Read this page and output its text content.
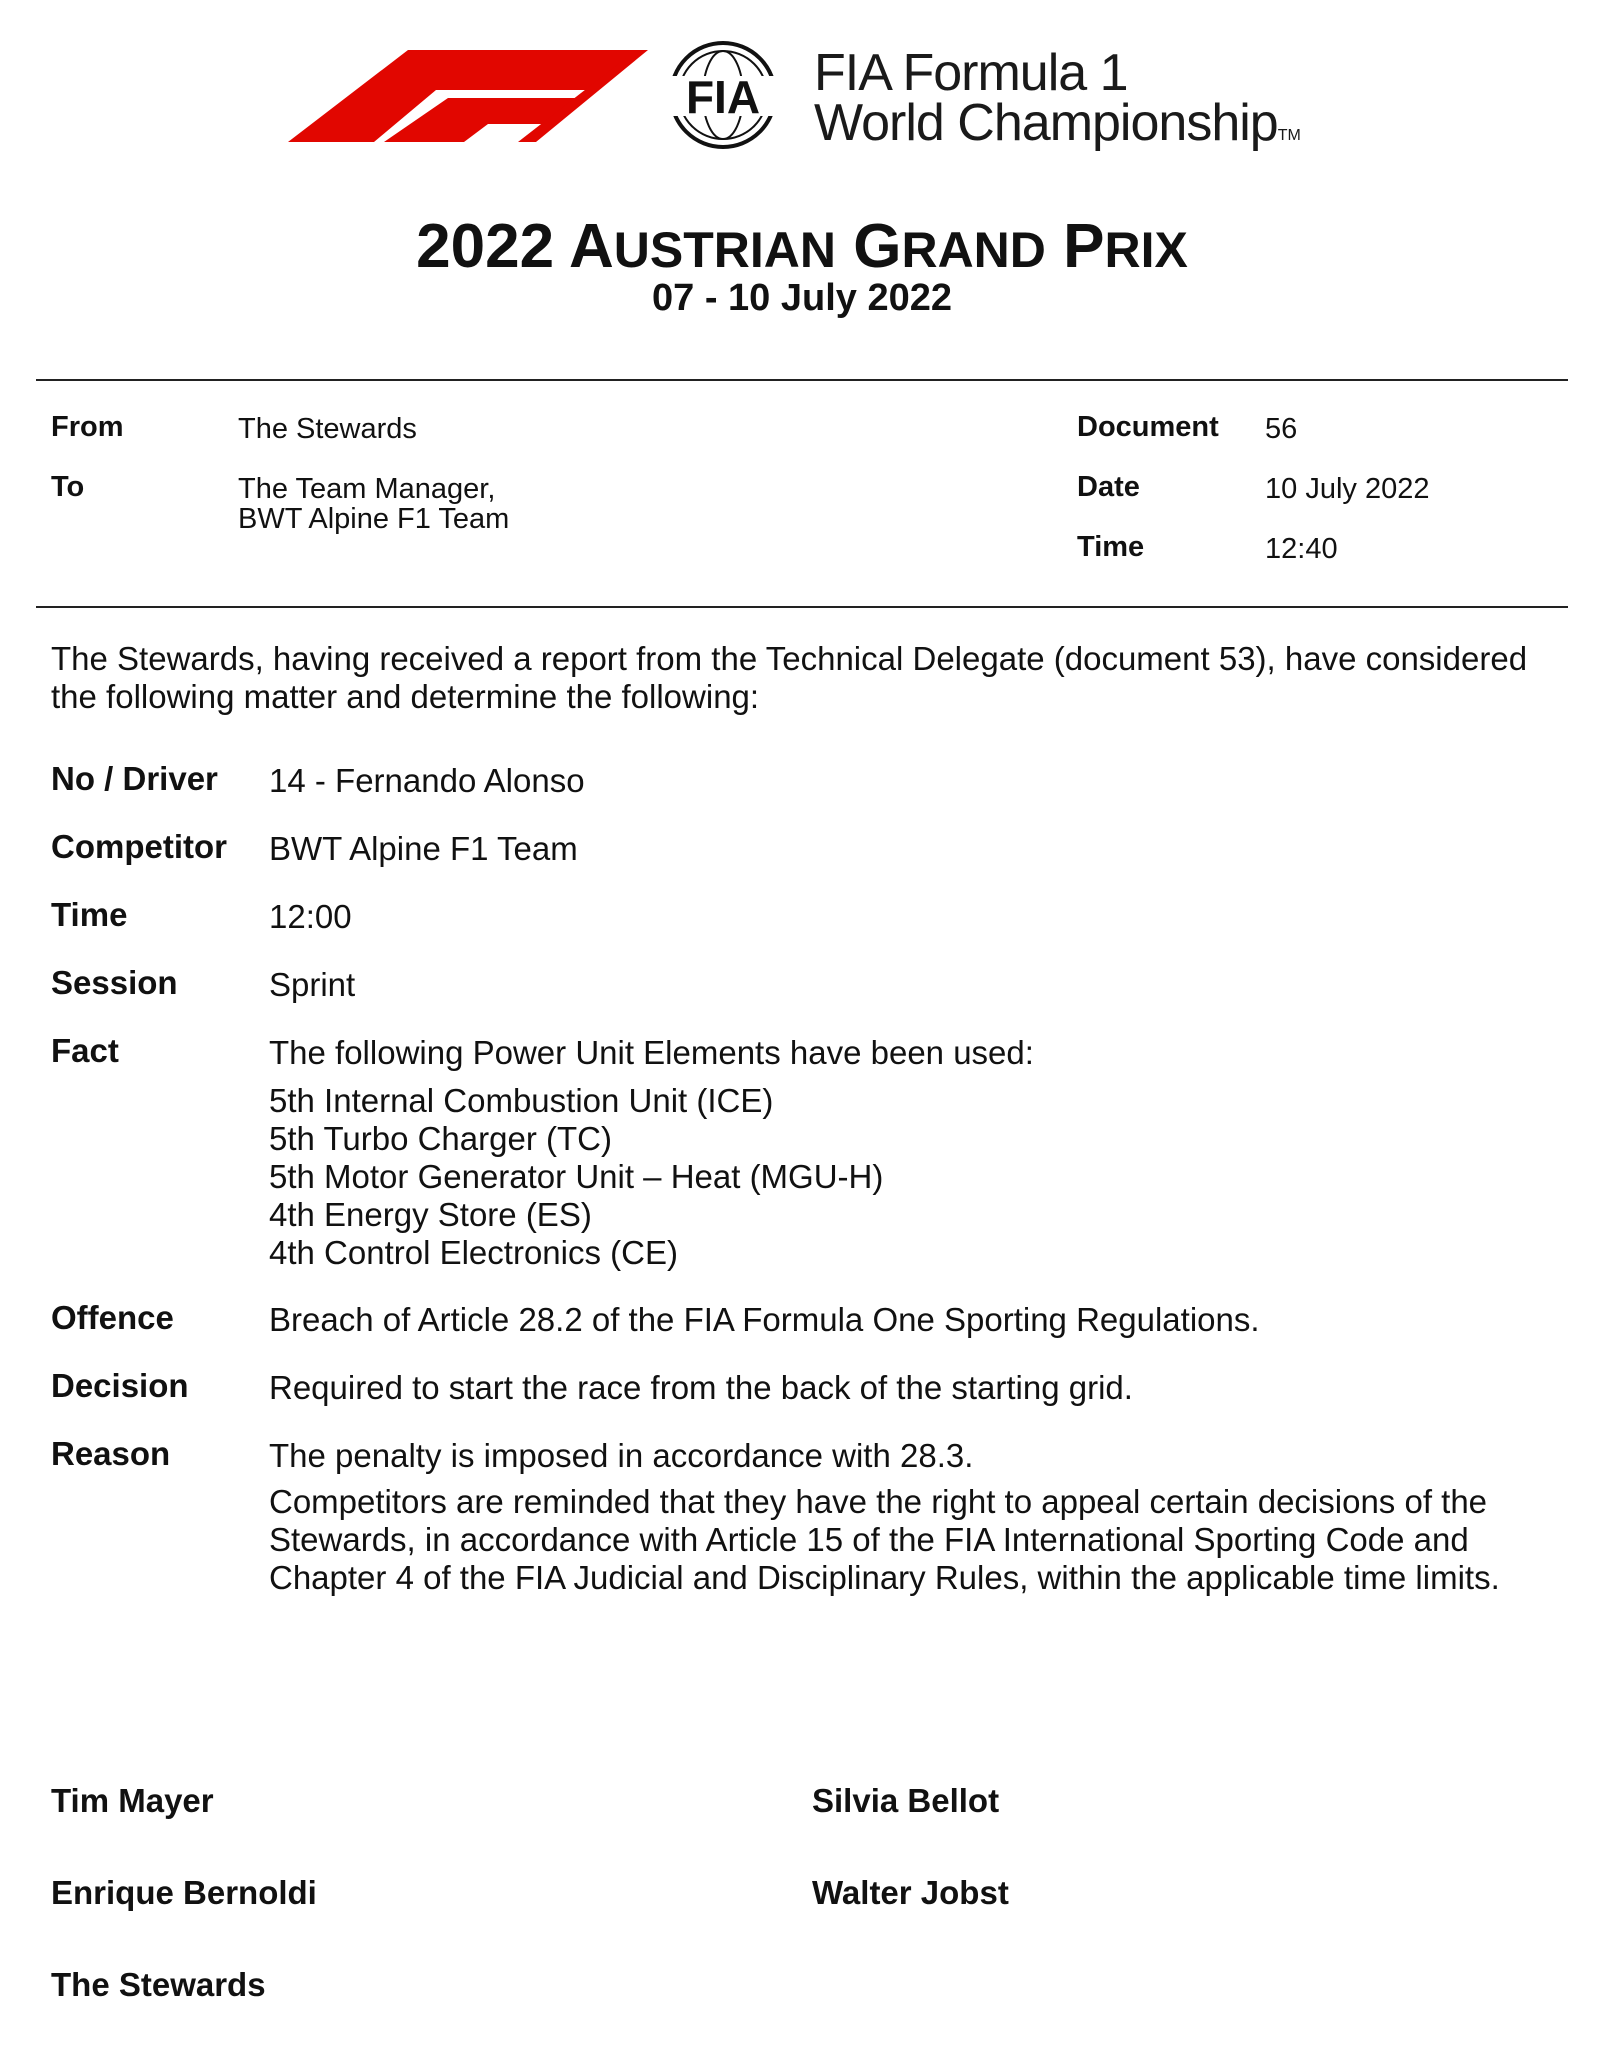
FIA FIA Formula 1
World ChampionshipTM
2022 AUSTRIAN GRAND PRIX
07 - 10 July 2022
From	The Stewards
To	The Team Manager,
BWT Alpine F1 Team
Document 56
Date	10 July 2022
Time	12:40
The Stewards, having received a report from the Technical Delegate (document 53), have considered the following matter and determine the following:
No / Driver 14 - Fernando Alonso
Competitor BWT Alpine F1 Team
Time	12:00
Session	Sprint
Fact	The following Power Unit Elements have been used:
5th Internal Combustion Unit (ICE)
5th Turbo Charger (TC)
5th Motor Generator Unit – Heat (MGU-H)
4th Energy Store (ES)
4th Control Electronics (CE)
Offence	Breach of Article 28.2 of the FIA Formula One Sporting Regulations.
Decision Required to start the race from the back of the starting grid.
Reason	The penalty is imposed in accordance with 28.3.
Competitors are reminded that they have the right to appeal certain decisions of the Stewards, in accordance with Article 15 of the FIA International Sporting Code and Chapter 4 of the FIA Judicial and Disciplinary Rules, within the applicable time limits.
Tim Mayer	Silvia Bellot
Enrique Bernoldi	Walter Jobst
The Stewards
